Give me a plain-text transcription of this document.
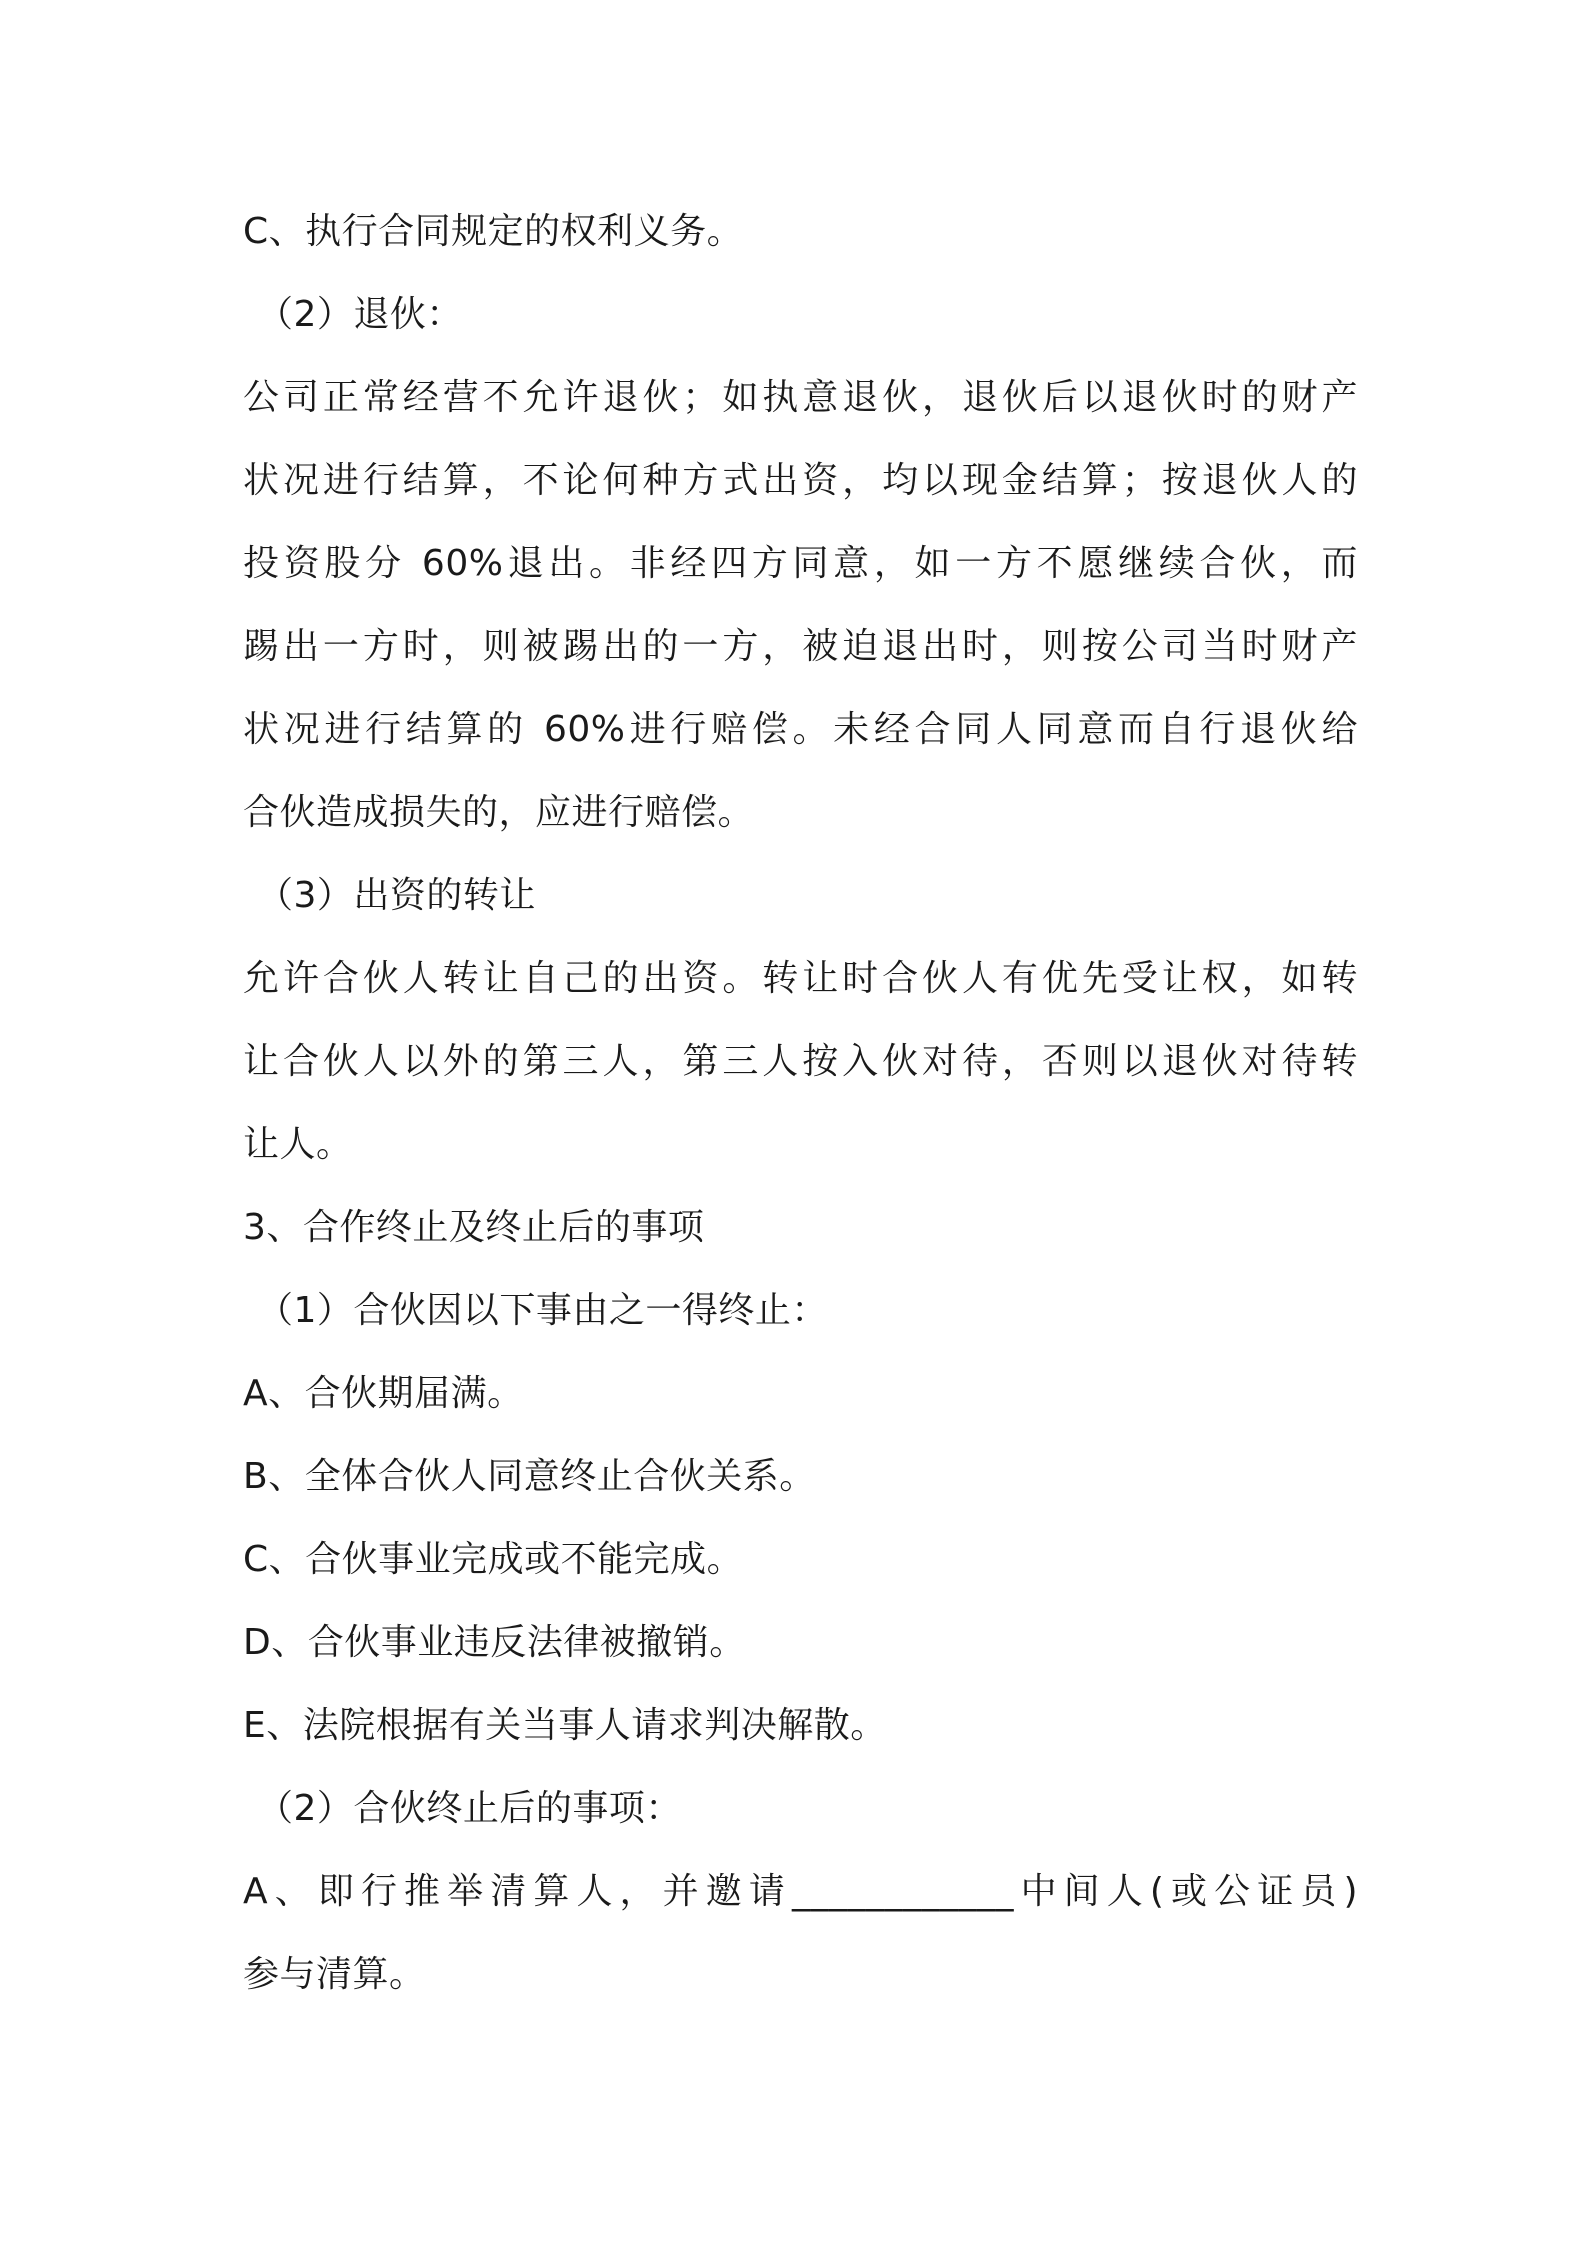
C、执行合同规定的权利义务。
（2）退伙：
公司正常经营不允许退伙；如执意退伙，退伙后以退伙时的财产
状况进行结算，不论何种方式出资，均以现金结算；按退伙人的
投资股分 60%退出。非经四方同意，如一方不愿继续合伙，而
踢出一方时，则被踢出的一方，被迫退出时，则按公司当时财产
状况进行结算的 60%进行赔偿。未经合同人同意而自行退伙给
合伙造成损失的，应进行赔偿。
（3）出资的转让
允许合伙人转让自己的出资。转让时合伙人有优先受让权，如转
让合伙人以外的第三人，第三人按入伙对待，否则以退伙对待转
让人。
3、合作终止及终止后的事项
（1）合伙因以下事由之一得终止：
A、合伙期届满。
B、全体合伙人同意终止合伙关系。
C、合伙事业完成或不能完成。
D、合伙事业违反法律被撤销。
E、法院根据有关当事人请求判决解散。
（2）合伙终止后的事项：
A、即行推举清算人，并邀请____________中间人(或公证员)
参与清算。
